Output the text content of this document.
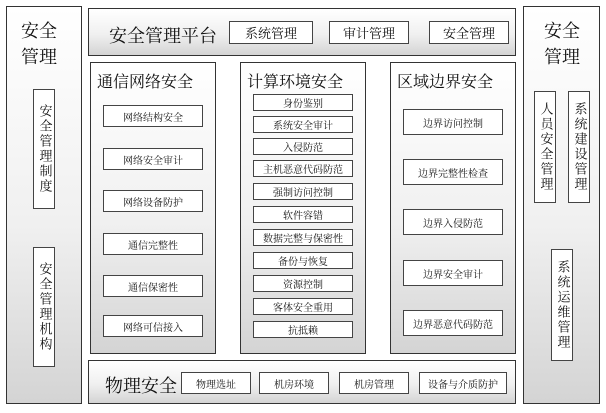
安全
管理
安全管理制度
安全管理机构
安全
管理
人员安全管理 系统建设管理
系统运维管理
安全管理平台	系统管理	审计管理	安全管理
通信网络安全
网络结构安全
网络安全审计
网络设备防护
通信完整性
通信保密性
网络可信接入
计算环境安全
身份鉴别
系统安全审计
入侵防范
主机恶意代码防范
强制访问控制
软件容错
数据完整与保密性
备份与恢复
资源控制
客体安全重用
抗抵赖
区域边界安全
边界访问控制
边界完整性检查
边界入侵防范
边界安全审计
边界恶意代码防范
物理安全	物理选址	机房环境	机房管理	设备与介质防护
